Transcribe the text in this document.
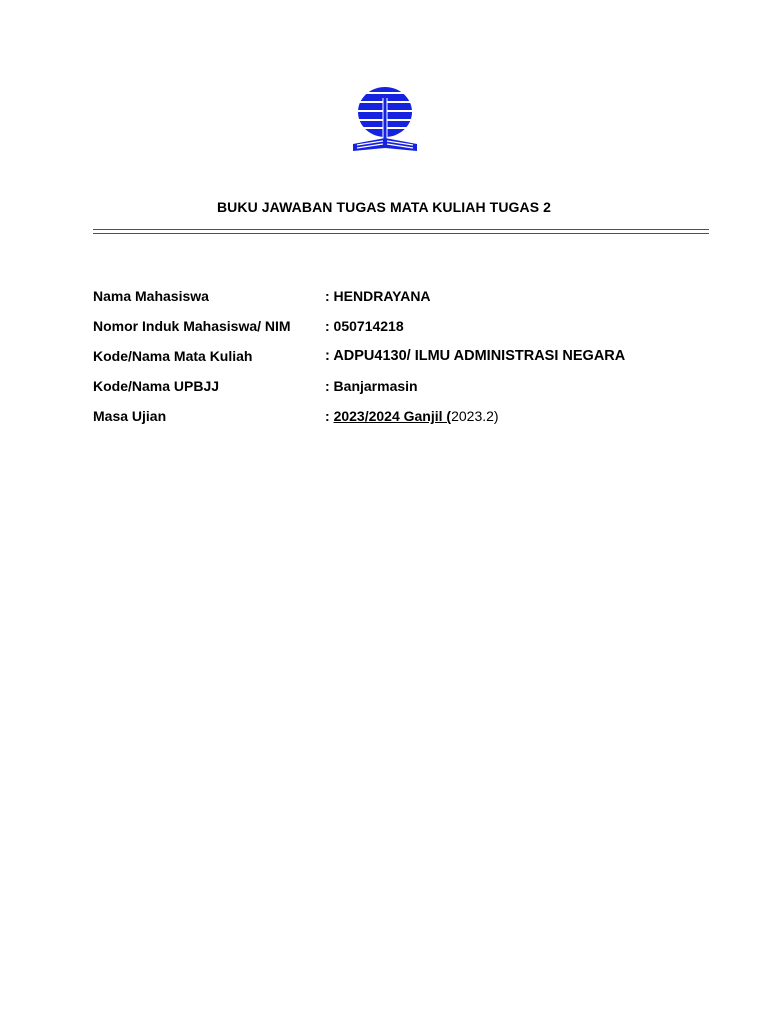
BUKU JAWABAN TUGAS MATA KULIAH TUGAS 2
Nama Mahasiswa	: HENDRAYANA
Nomor Induk Mahasiswa/ NIM : 050714218
Kode/Nama Mata Kuliah	: ADPU4130/ ILMU ADMINISTRASI NEGARA
Kode/Nama UPBJJ	: Banjarmasin
Masa Ujian	: 2023/2024 Ganjil (2023.2)
